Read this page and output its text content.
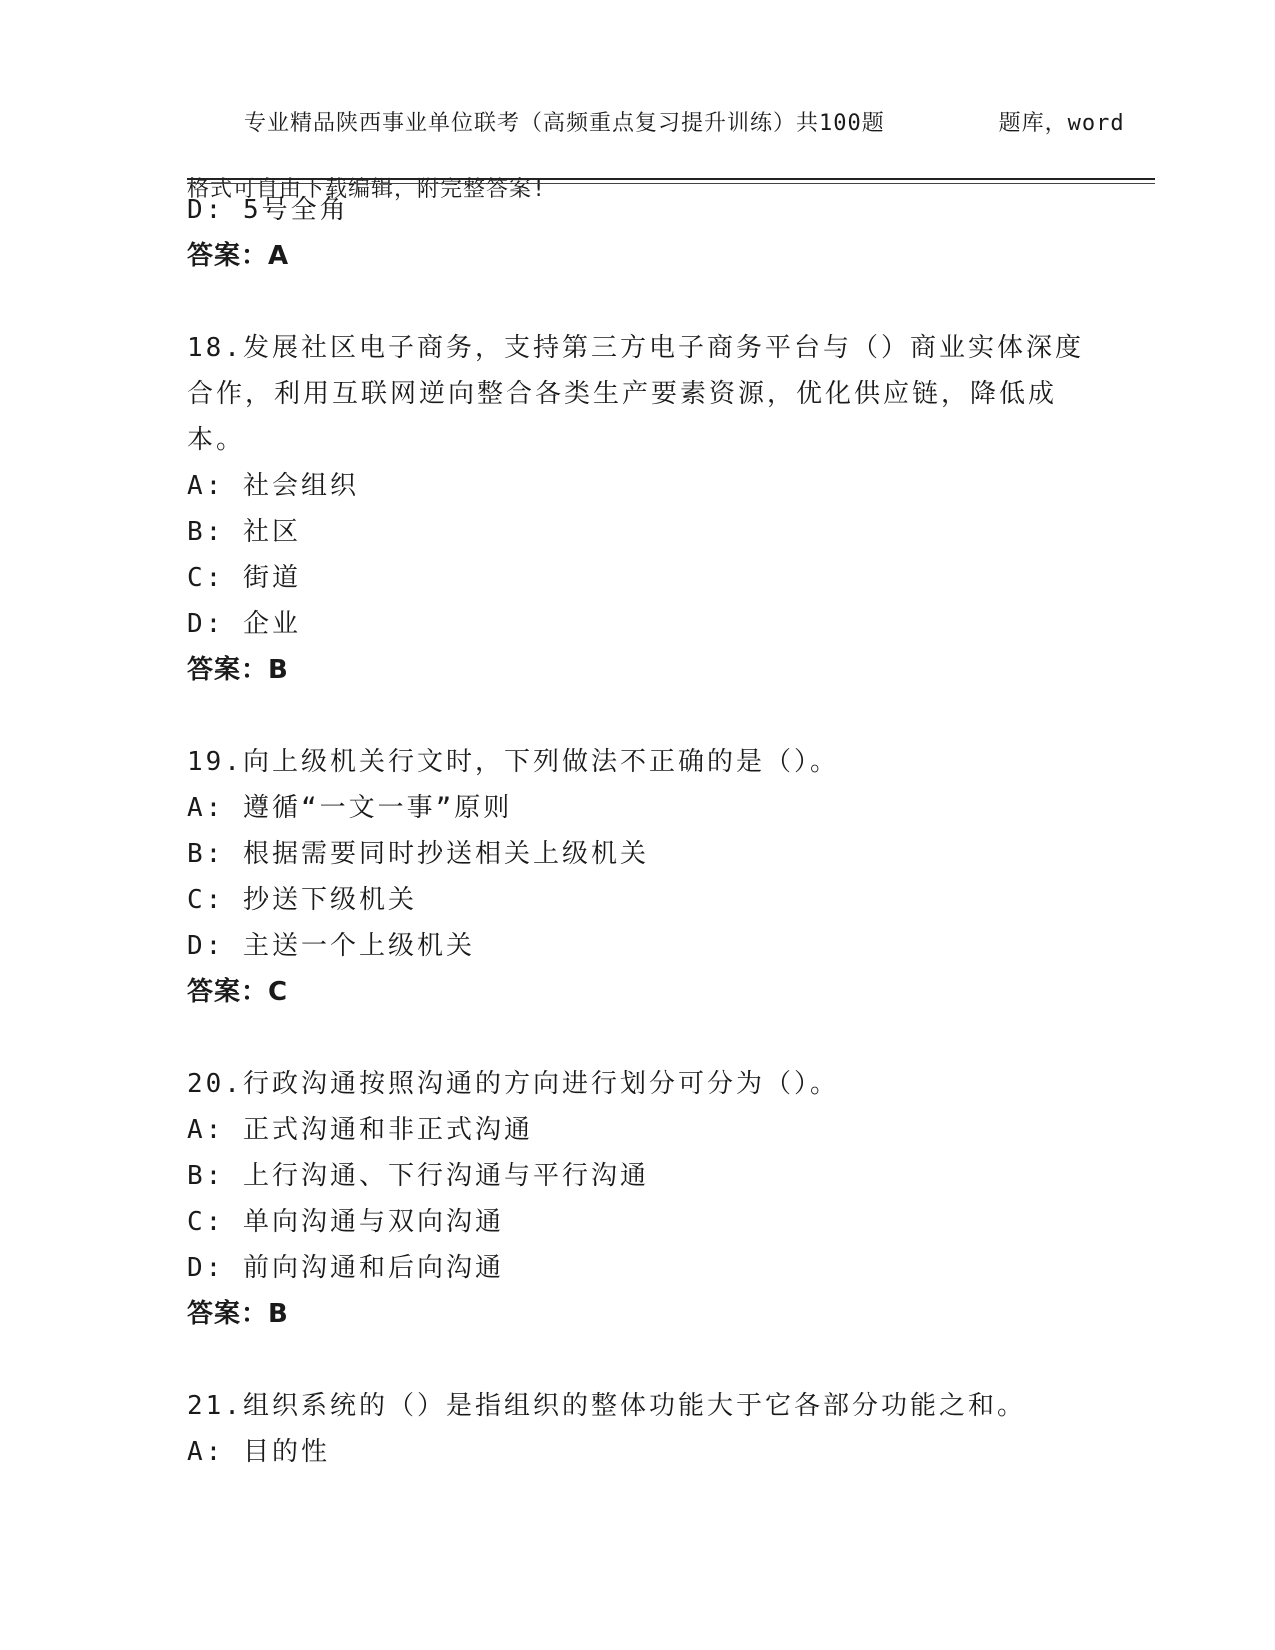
专业精品陕西事业单位联考（高频重点复习提升训练）共100题        题库，word

格式可自由下载编辑，附完整答案!

D: 5号全角
答案：A
18.发展社区电子商务，支持第三方电子商务平台与（）商业实体深度
合作，利用互联网逆向整合各类生产要素资源，优化供应链，降低成
本。
A: 社会组织
B: 社区
C: 街道
D: 企业
答案：B
19.向上级机关行文时，下列做法不正确的是（）。
A: 遵循“一文一事”原则
B: 根据需要同时抄送相关上级机关
C: 抄送下级机关
D: 主送一个上级机关
答案：C
20.行政沟通按照沟通的方向进行划分可分为（）。
A: 正式沟通和非正式沟通
B: 上行沟通、下行沟通与平行沟通
C: 单向沟通与双向沟通
D: 前向沟通和后向沟通
答案：B
21.组织系统的（）是指组织的整体功能大于它各部分功能之和。
A: 目的性
